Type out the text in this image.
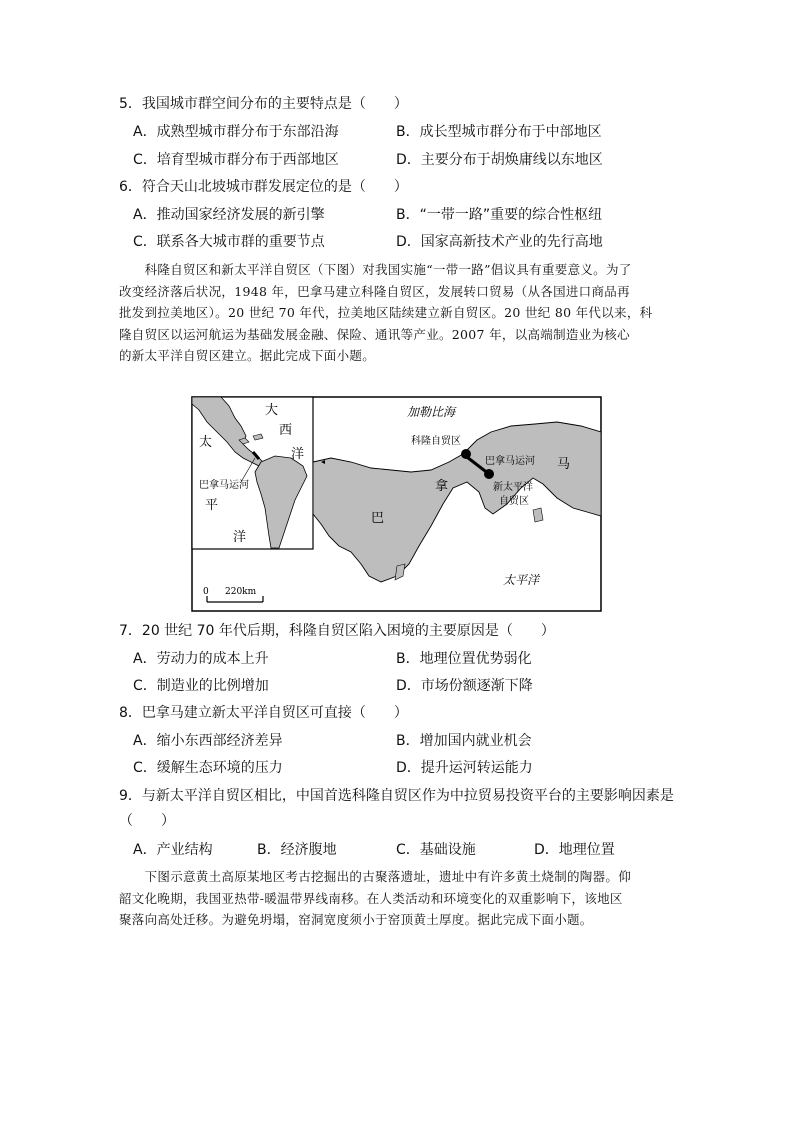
5．我国城市群空间分布的主要特点是（　　）
A．成熟型城市群分布于东部沿海	B．成长型城市群分布于中部地区
C．培育型城市群分布于西部地区	D．主要分布于胡焕庸线以东地区
6．符合天山北坡城市群发展定位的是（　　）
A．推动国家经济发展的新引擎	B．“一带一路”重要的综合性枢纽
C．联系各大城市群的重要节点	D．国家高新技术产业的先行高地
　　科隆自贸区和新太平洋自贸区（下图）对我国实施“一带一路”倡议具有重要意义。为了
改变经济落后状况，1948 年，巴拿马建立科隆自贸区，发展转口贸易（从各国进口商品再
批发到拉美地区）。20 世纪 70 年代，拉美地区陆续建立新自贸区。20 世纪 80 年代以来，科
隆自贸区以运河航运为基础发展金融、保险、通讯等产业。2007 年，以高端制造业为核心
的新太平洋自贸区建立。据此完成下面小题。
大
西
洋
太
平
洋
巴拿马运河
加勒比海
科隆自贸区
巴拿马运河
新太平洋
自贸区
太平洋
巴
拿
马
0 220km
7．20 世纪 70 年代后期，科隆自贸区陷入困境的主要原因是（　　）
A．劳动力的成本上升	B．地理位置优势弱化
C．制造业的比例增加	D．市场份额逐渐下降
8．巴拿马建立新太平洋自贸区可直接（　　）
A．缩小东西部经济差异	B．增加国内就业机会
C．缓解生态环境的压力	D．提升运河转运能力
9．与新太平洋自贸区相比，中国首选科隆自贸区作为中拉贸易投资平台的主要影响因素是
（　　）
A．产业结构	B．经济腹地	C．基础设施	D．地理位置
　　下图示意黄土高原某地区考古挖掘出的古聚落遗址，遗址中有许多黄土烧制的陶器。仰
韶文化晚期，我国亚热带-暖温带界线南移。在人类活动和环境变化的双重影响下，该地区
聚落向高处迁移。为避免坍塌，窑洞宽度须小于窑顶黄土厚度。据此完成下面小题。
